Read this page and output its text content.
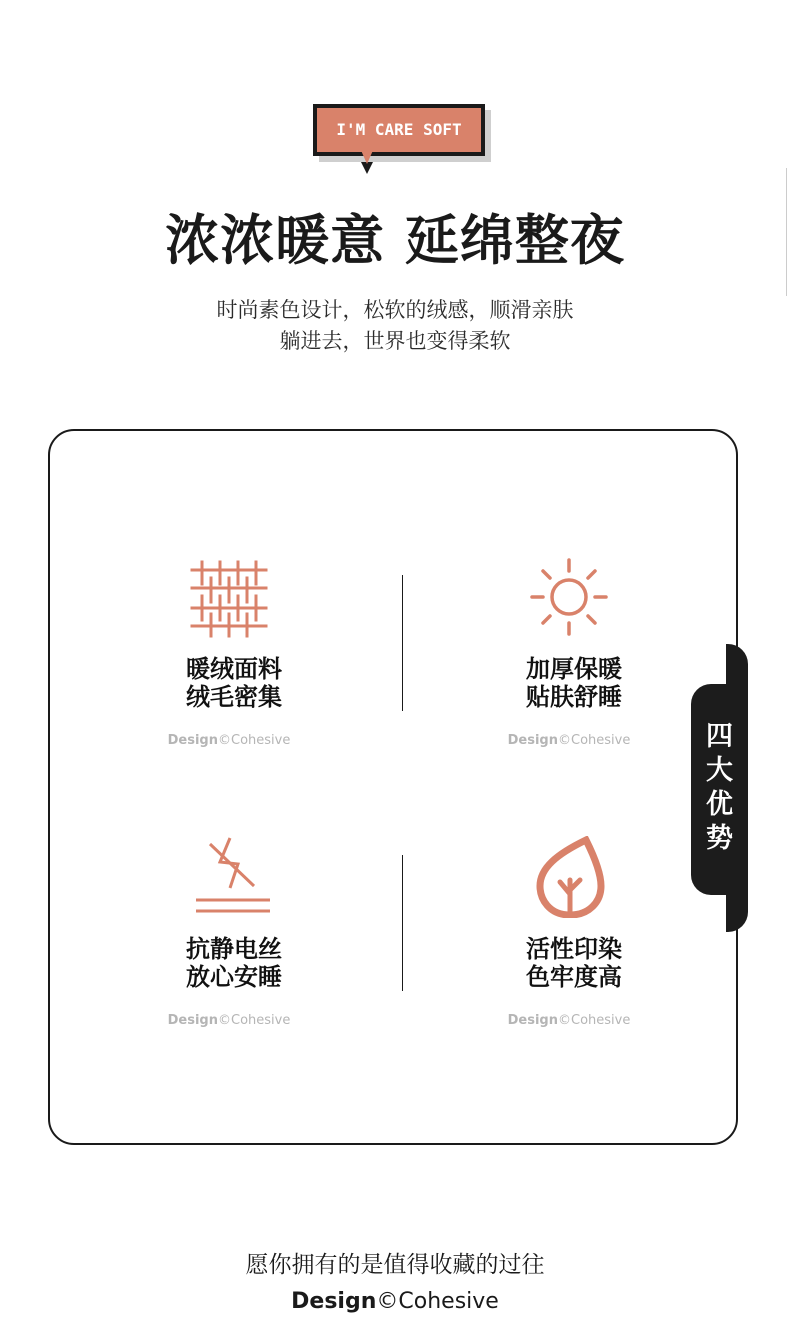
I'M CARE SOFT
浓浓暖意 延绵整夜
时尚素色设计，松软的绒感，顺滑亲肤
躺进去，世界也变得柔软
四
大
优
势
暖绒面料
绒毛密集
Design©Cohesive
加厚保暖
贴肤舒睡
Design©Cohesive
抗静电丝
放心安睡
Design©Cohesive
活性印染
色牢度高
Design©Cohesive
愿你拥有的是值得收藏的过往
Design©Cohesive
